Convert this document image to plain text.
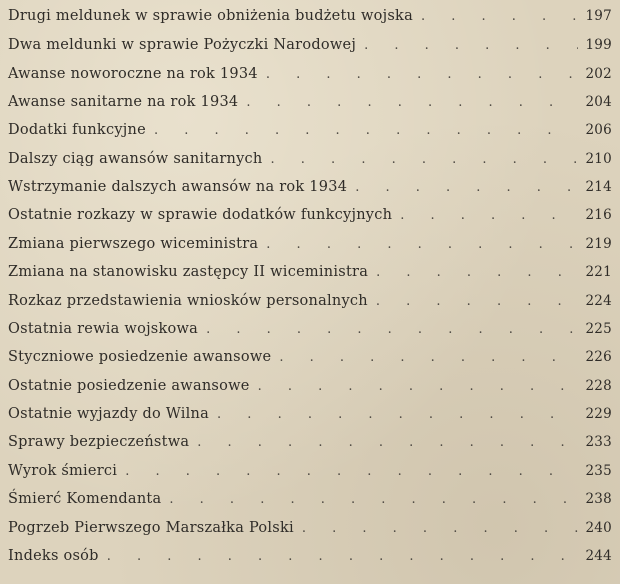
Drugi meldunek w sprawie obniżenia budżetu wojska . . .	197
Dwa meldunki w sprawie Pożyczki Narodowej . . .	199
Awanse noworoczne na rok 1934 . . .	202
Awanse sanitarne na rok 1934 . . .	204
Dodatki funkcyjne . . .	206
Dalszy ciąg awansów sanitarnych . . .	210
Wstrzymanie dalszych awansów na rok 1934 . . .	214
Ostatnie rozkazy w sprawie dodatków funkcyjnych . . .	216
Zmiana pierwszego wiceministra . . .	219
Zmiana na stanowisku zastępcy II wiceministra . . .	221
Rozkaz przedstawienia wniosków personalnych . . .	224
Ostatnia rewia wojskowa . . .	225
Styczniowe posiedzenie awansowe . . .	226
Ostatnie posiedzenie awansowe . . .	228
Ostatnie wyjazdy do Wilna . . .	229
Sprawy bezpieczeństwa . . .	233
Wyrok śmierci . . .	235
Śmierć Komendanta . . .	238
Pogrzeb Pierwszego Marszałka Polski . . .	240
Indeks osób . . .	244
